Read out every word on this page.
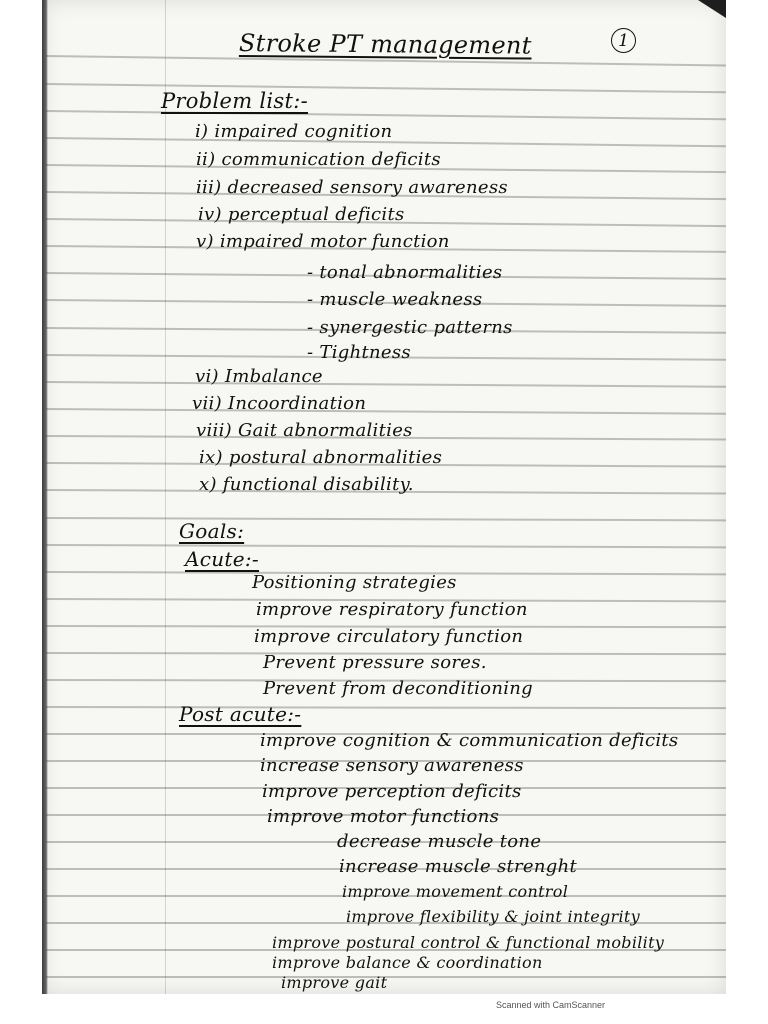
Stroke PT management	1
Problem list:-
i) impaired cognition
ii) communication deficits
iii) decreased sensory awareness
iv) perceptual deficits
v) impaired motor function
- tonal abnormalities
- muscle weakness
- synergestic patterns
- Tightness
vi) Imbalance
vii) Incoordination
viii) Gait abnormalities
ix) postural abnormalities
x) functional disability.
Goals:
Acute:-
Positioning strategies
improve respiratory function
improve circulatory function
Prevent pressure sores.
Prevent from deconditioning
Post acute:-
improve cognition & communication deficits
increase sensory awareness
improve perception deficits
improve motor functions
decrease muscle tone
increase muscle strenght
improve movement control
improve flexibility & joint integrity
improve postural control & functional mobility
improve balance & coordination
improve gait
Scanned with CamScanner
